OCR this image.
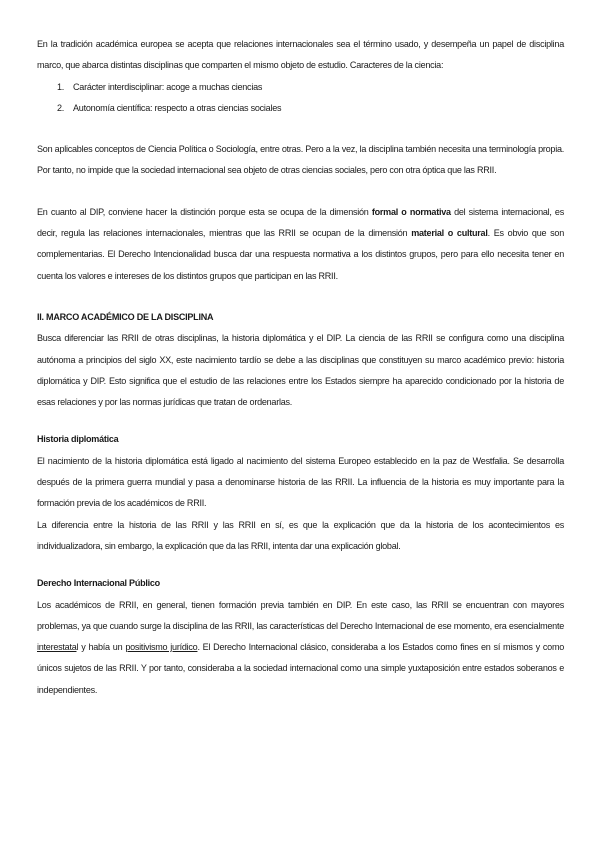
En la tradición académica europea se acepta que relaciones internacionales sea el término usado, y desempeña un papel de disciplina marco, que abarca distintas disciplinas que comparten el mismo objeto de estudio. Caracteres de la ciencia:

1. Carácter interdisciplinar: acoge a muchas ciencias
2. Autonomía científica: respecto a otras ciencias sociales

Son aplicables conceptos de Ciencia Política o Sociología, entre otras. Pero a la vez, la disciplina también necesita una terminología propia. Por tanto, no impide que la sociedad internacional sea objeto de otras ciencias sociales, pero con otra óptica que las RRII.

En cuanto al DIP, conviene hacer la distinción porque esta se ocupa de la dimensión formal o normativa del sistema internacional, es decir, regula las relaciones internacionales, mientras que las RRII se ocupan de la dimensión material o cultural. Es obvio que son complementarias. El Derecho Intencionalidad busca dar una respuesta normativa a los distintos grupos, pero para ello necesita tener en cuenta los valores e intereses de los distintos grupos que participan en las RRII.

II. MARCO ACADÉMICO DE LA DISCIPLINA

Busca diferenciar las RRII de otras disciplinas, la historia diplomática y el DIP. La ciencia de las RRII se configura como una disciplina autónoma a principios del siglo XX, este nacimiento tardío se debe a las disciplinas que constituyen su marco académico previo: historia diplomática y DIP. Esto significa que el estudio de las relaciones entre los Estados siempre ha aparecido condicionado por la historia de esas relaciones y por las normas jurídicas que tratan de ordenarlas.

Historia diplomática

El nacimiento de la historia diplomática está ligado al nacimiento del sistema Europeo establecido en la paz de Westfalia. Se desarrolla después de la primera guerra mundial y pasa a denominarse historia de las RRII. La influencia de la historia es muy importante para la formación previa de los académicos de RRII.

La diferencia entre la historia de las RRII y las RRII en sí, es que la explicación que da la historia de los acontecimientos es individualizadora, sin embargo, la explicación que da las RRII, intenta dar una explicación global.

Derecho Internacional Público

Los académicos de RRII, en general, tienen formación previa también en DIP. En este caso, las RRII se encuentran con mayores problemas, ya que cuando surge la disciplina de las RRII, las características del Derecho Internacional de ese momento, era esencialmente interestatal y había un positivismo jurídico. El Derecho Internacional clásico, consideraba a los Estados como fines en sí mismos y como únicos sujetos de las RRII. Y por tanto, consideraba a la sociedad internacional como una simple yuxtaposición entre estados soberanos e independientes.
